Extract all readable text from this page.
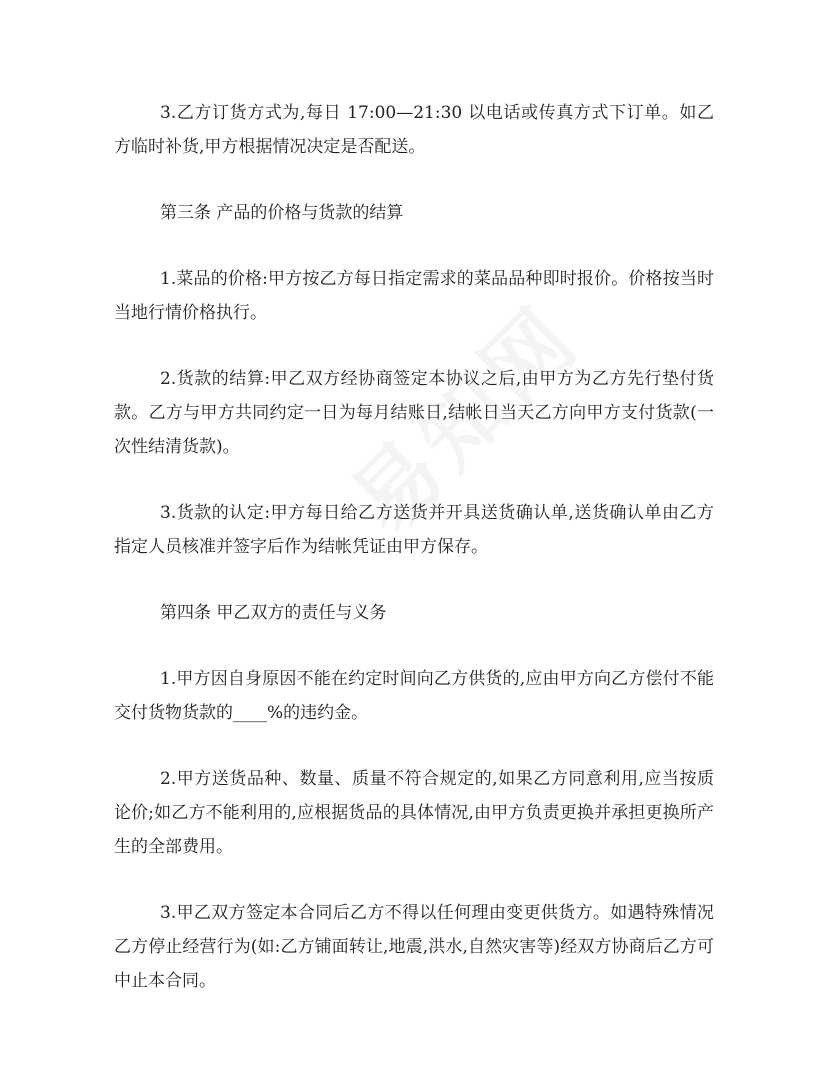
3.乙方订货方式为,每日 17:00—21:30 以电话或传真方式下订单。如乙方临时补货,甲方根据情况决定是否配送。

第三条 产品的价格与货款的结算

1.菜品的价格:甲方按乙方每日指定需求的菜品品种即时报价。价格按当时当地行情价格执行。

2.货款的结算:甲乙双方经协商签定本协议之后,由甲方为乙方先行垫付货款。乙方与甲方共同约定一日为每月结账日,结帐日当天乙方向甲方支付货款(一次性结清货款)。

3.货款的认定:甲方每日给乙方送货并开具送货确认单,送货确认单由乙方指定人员核准并签字后作为结帐凭证由甲方保存。

第四条 甲乙双方的责任与义务

1.甲方因自身原因不能在约定时间向乙方供货的,应由甲方向乙方偿付不能交付货物货款的____%的违约金。

2.甲方送货品种、数量、质量不符合规定的,如果乙方同意利用,应当按质论价;如乙方不能利用的,应根据货品的具体情况,由甲方负责更换并承担更换所产生的全部费用。

3.甲乙双方签定本合同后乙方不得以任何理由变更供货方。如遇特殊情况乙方停止经营行为(如:乙方铺面转让,地震,洪水,自然灾害等)经双方协商后乙方可中止本合同。
